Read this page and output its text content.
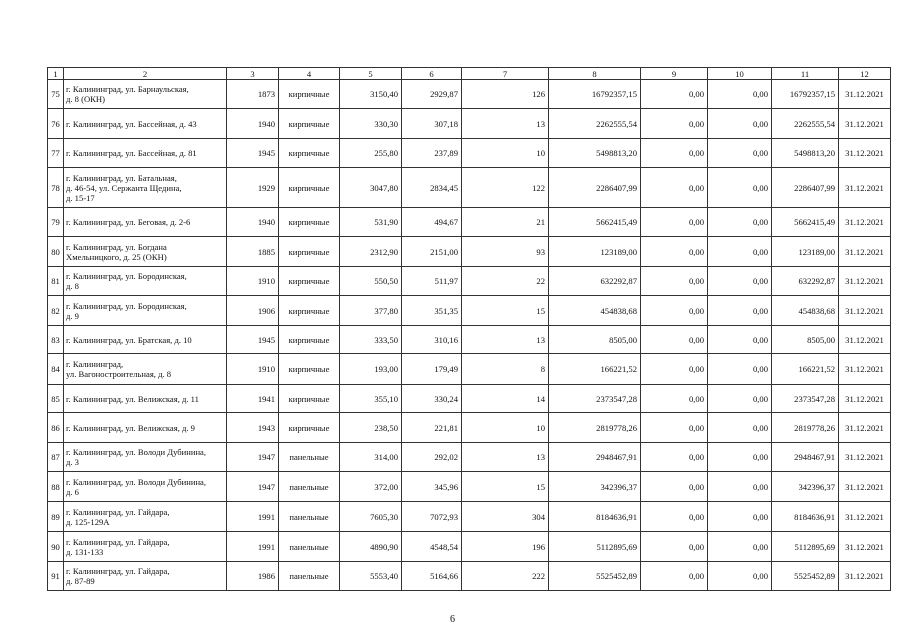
1	2	3	4	5	6	7	8	9	10	11	12
75	г. Калининград, ул. Барнаульская,
д. 8 (ОКН)	1873	кирпичные	3150,40	2929,87	126	16792357,15	0,00	0,00	16792357,15	31.12.2021
76	г. Калининград, ул. Бассейная, д. 43	1940	кирпичные	330,30	307,18	13	2262555,54	0,00	0,00	2262555,54	31.12.2021
77	г. Калининград, ул. Бассейная, д. 81	1945	кирпичные	255,80	237,89	10	5498813,20	0,00	0,00	5498813,20	31.12.2021
78	г. Калининград, ул. Батальная,
д. 46-54, ул. Сержанта Щедина,
д. 15-17	1929	кирпичные	3047,80	2834,45	122	2286407,99	0,00	0,00	2286407,99	31.12.2021
79	г. Калининград, ул. Беговая, д. 2-6	1940	кирпичные	531,90	494,67	21	5662415,49	0,00	0,00	5662415,49	31.12.2021
80	г. Калининград, ул. Богдана
Хмельницкого, д. 25 (ОКН)	1885	кирпичные	2312,90	2151,00	93	123189,00	0,00	0,00	123189,00	31.12.2021
81	г. Калининград, ул. Бородинская,
д. 8	1910	кирпичные	550,50	511,97	22	632292,87	0,00	0,00	632292,87	31.12.2021
82	г. Калининград, ул. Бородинская,
д. 9	1906	кирпичные	377,80	351,35	15	454838,68	0,00	0,00	454838,68	31.12.2021
83	г. Калининград, ул. Братская, д. 10	1945	кирпичные	333,50	310,16	13	8505,00	0,00	0,00	8505,00	31.12.2021
84	г. Калининград,
ул. Вагоностроительная, д. 8	1910	кирпичные	193,00	179,49	8	166221,52	0,00	0,00	166221,52	31.12.2021
85	г. Калининград, ул. Велижская, д. 11	1941	кирпичные	355,10	330,24	14	2373547,28	0,00	0,00	2373547,28	31.12.2021
86	г. Калининград, ул. Велижская, д. 9	1943	кирпичные	238,50	221,81	10	2819778,26	0,00	0,00	2819778,26	31.12.2021
87	г. Калининград, ул. Володи Дубинина,
д. 3	1947	панельные	314,00	292,02	13	2948467,91	0,00	0,00	2948467,91	31.12.2021
88	г. Калининград, ул. Володи Дубинина,
д. 6	1947	панельные	372,00	345,96	15	342396,37	0,00	0,00	342396,37	31.12.2021
89	г. Калининград, ул. Гайдара,
д. 125-129А	1991	панельные	7605,30	7072,93	304	8184636,91	0,00	0,00	8184636,91	31.12.2021
90	г. Калининград, ул. Гайдара,
д. 131-133	1991	панельные	4890,90	4548,54	196	5112895,69	0,00	0,00	5112895,69	31.12.2021
91	г. Калининград, ул. Гайдара,
д. 87-89	1986	панельные	5553,40	5164,66	222	5525452,89	0,00	0,00	5525452,89	31.12.2021
6
